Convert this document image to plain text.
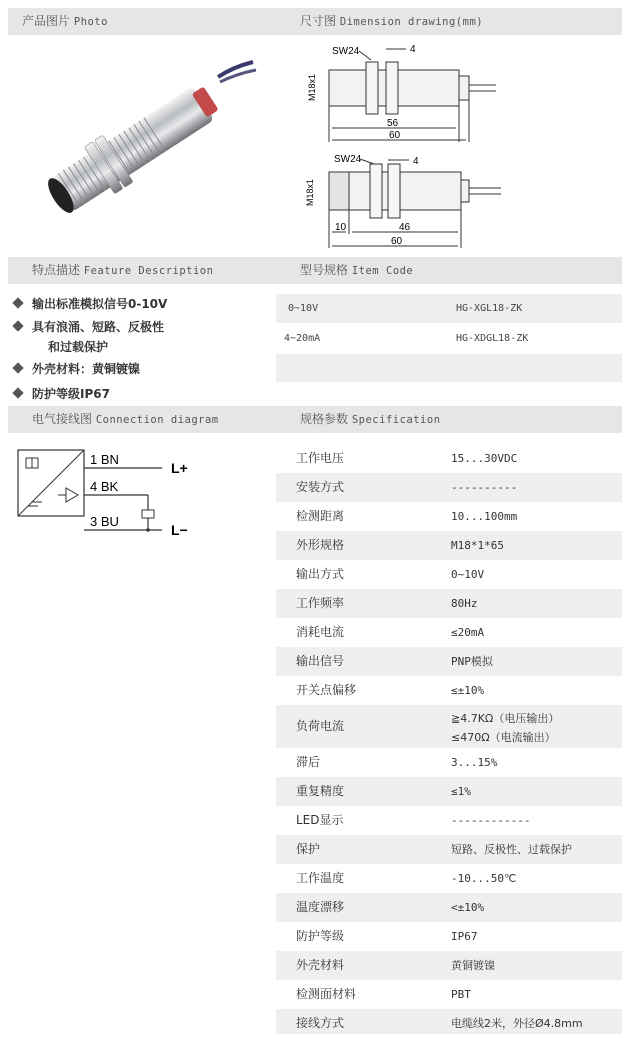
产品图片 Photo	尺寸图 Dimension drawing(mm)
SW24	4
M18x1
56
60
SW24	4
M18x1
10	46
60
特点描述 Feature Description	型号规格 Item Code
输出标准模拟信号0-10V
具有浪涌、短路、反极性
和过载保护
外壳材料：黄铜镀镍
防护等级IP67
0~10V	HG-XGL18-ZK
4~20mA	HG-XDGL18-ZK
电气接线图 Connection diagram	规格参数 Specification
1 BN
4 BK
3 BU
L+
L−
工作电压	15...30VDC
安装方式	----------
检测距离	10...100mm
外形规格	M18*1*65
输出方式	0~10V
工作频率	80Hz
消耗电流	≤20mA
输出信号	PNP模拟
开关点偏移	≤±10%
负荷电流
≧4.7KΩ（电压输出）
≤470Ω（电流输出）
滞后	3...15%
重复精度	≤1%
LED显示	------------
保护	短路、反极性、过载保护
工作温度	-10...50℃
温度漂移	<±10%
防护等级	IP67
外壳材料	黄铜镀镍
检测面材料	PBT
接线方式	电缆线2米，外径Ø4.8mm
